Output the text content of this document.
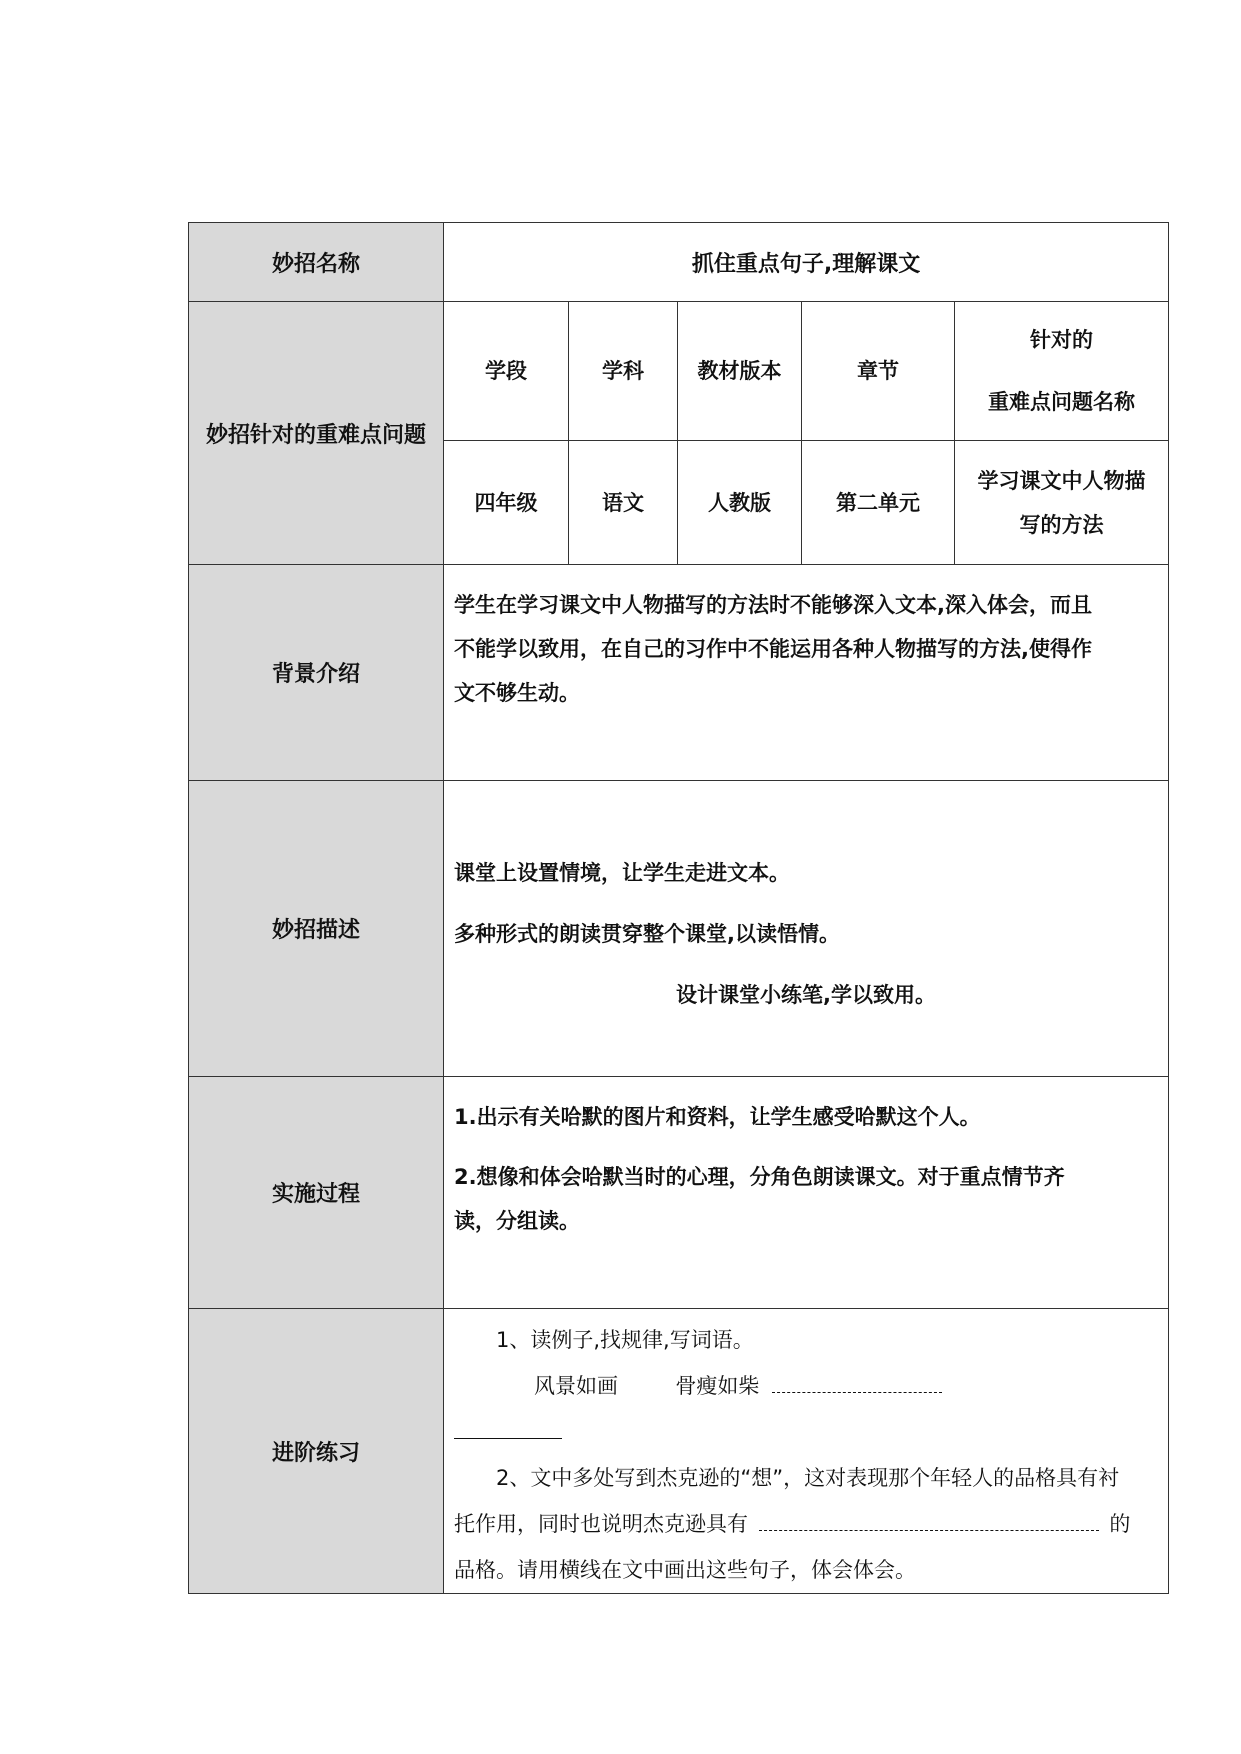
妙招名称	抓住重点句子,理解课文				
妙招针对的重难点问题	学段	学科	教材版本	章节	针对的
重难点问题名称

	四年级	语文	人教版	第二单元	学习课文中人物描
写的方法

背景介绍	学生在学习课文中人物描写的方法时不能够深入文本,深入体会，而且

不能学以致用，在自己的习作中不能运用各种人物描写的方法,使得作

文不够生动。				

妙招描述	课堂上设置情境，让学生走进文本。

多种形式的朗读贯穿整个课堂,以读悟情。

设计课堂小练笔,学以致用。				

实施过程	1.出示有关哈默的图片和资料，让学生感受哈默这个人。

2.想像和体会哈默当时的心理，分角色朗读课文。对于重点情节齐

读，分组读。				

进阶练习	1、读例子,找规律,写词语。

风景如画 骨瘦如柴

2、文中多处写到杰克逊的“想”，这对表现那个年轻人的品格具有衬

托作用，同时也说明杰克逊具有 的

品格。请用横线在文中画出这些句子，体会体会。				
